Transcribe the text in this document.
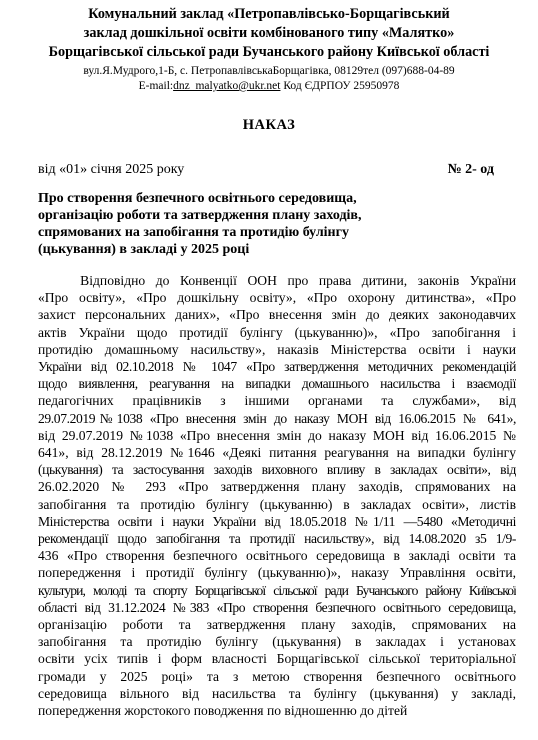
Комунальний заклад «Петропавлівсько-Борщагівський
заклад дошкільної освіти комбінованого типу «Малятко»
Борщагівської сільської ради Бучанського району Київської області
вул.Я.Мудрого,1-Б, с. ПетропавлівськаБорщагівка, 08129тел (097)688-04-89
E-mail:dnz_malyatko@ukr.net Код ЄДРПОУ 25950978
НАКАЗ
від «01» січня 2025 року	№ 2- од
Про створення безпечного освітнього середовища,
організацію роботи та затвердження плану заходів,
спрямованих на запобігання та протидію булінгу
(цькування) в закладі у 2025 році
Відповідно до Конвенції ООН про права дитини, законів України
«Про освіту», «Про дошкільну освіту», «Про охорону дитинства», «Про
захист персональних даних», «Про внесення змін до деяких законодавчих
актів України щодо протидії булінгу (цькуванню)», «Про запобігання і
протидію домашньому насильству», наказів Міністерства освіти і науки
України від 02.10.2018 № 1047 «Про затвердження методичних рекомендацій
щодо виявлення, реагування на випадки домашнього насильства і взаємодії
педагогічних працівників з іншими органами та службами», від
29.07.2019№1038 «Про внесення змін до наказу МОН від 16.06.2015 № 641»,
від 29.07.2019 №1038 «Про внесення змін до наказу МОН від 16.06.2015 №
641», від 28.12.2019 №1646 «Деякі питання реагування на випадки булінгу
(цькування) та застосування заходів виховного впливу в закладах освіти», від
26.02.2020 № 293 «Про затвердження плану заходів, спрямованих на
запобігання та протидію булінгу (цькуванню) в закладах освіти», листів
Міністерства освіти і науки України від 18.05.2018 №1/11 —5480 «Методичні
рекомендації щодо запобігання та протидії насильству», від 14.08.2020 з5 1/9-
436 «Про створення безпечного освітнього середовища в закладі освіти та
попередження і протидії булінгу (цькуванню)», наказу Управління освіти,
культури, молоді та спорту Борщагівської сільської ради Бучанського району Київської
області від 31.12.2024 №383 «Про створення безпечного освітнього середовища,
організацію роботи та затвердження плану заходів, спрямованих на
запобігання та протидію булінгу (цькування) в закладах і установах
освіти усіх типів і форм власності Борщагівської сільської територіальної
громади у 2025 році» та з метою створення безпечного освітнього
середовища вільного від насильства та булінгу (цькування) у закладі,
попередження жорстокого поводження по відношенню до дітей
